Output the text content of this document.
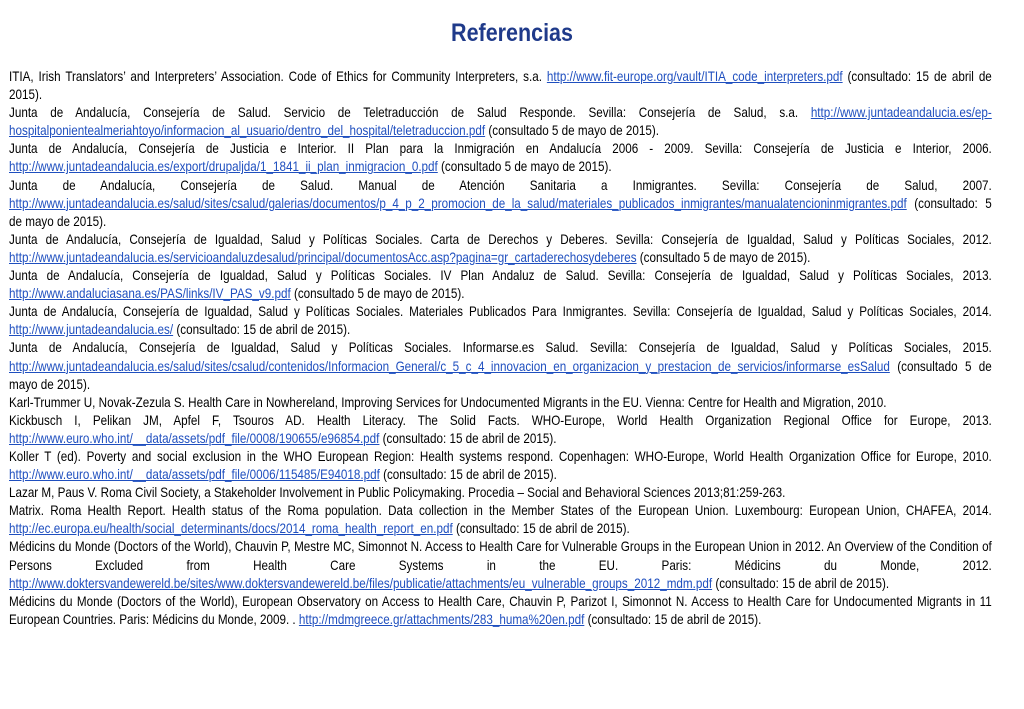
Referencias

ITIA, Irish Translators’ and Interpreters’ Association. Code of Ethics for Community Interpreters, s.a. http://www.fit-europe.org/vault/ITIA_code_interpreters.pdf (consultado: 15 de abril de 2015).

Junta de Andalucía, Consejería de Salud. Servicio de Teletraducción de Salud Responde. Sevilla: Consejería de Salud, s.a. http://www.juntadeandalucia.es/ep-hospitalponientealmeriahtoyo/informacion_al_usuario/dentro_del_hospital/teletraduccion.pdf (consultado 5 de mayo de 2015).

Junta de Andalucía, Consejería de Justicia e Interior. II Plan para la Inmigración en Andalucía 2006 - 2009. Sevilla: Consejería de Justicia e Interior, 2006. http://www.juntadeandalucia.es/export/drupaljda/1_1841_ii_plan_inmigracion_0.pdf (consultado 5 de mayo de 2015).

Junta de Andalucía, Consejería de Salud. Manual de Atención Sanitaria a Inmigrantes. Sevilla: Consejería de Salud, 2007. http://www.juntadeandalucia.es/salud/sites/csalud/galerias/documentos/p_4_p_2_promocion_de_la_salud/materiales_publicados_inmigrantes/manualatencioninmigrantes.pdf (consultado: 5 de mayo de 2015).

Junta de Andalucía, Consejería de Igualdad, Salud y Políticas Sociales. Carta de Derechos y Deberes. Sevilla: Consejería de Igualdad, Salud y Políticas Sociales, 2012. http://www.juntadeandalucia.es/servicioandaluzdesalud/principal/documentosAcc.asp?pagina=gr_cartaderechosydeberes (consultado 5 de mayo de 2015).

Junta de Andalucía, Consejería de Igualdad, Salud y Políticas Sociales. IV Plan Andaluz de Salud. Sevilla: Consejería de Igualdad, Salud y Políticas Sociales, 2013. http://www.andaluciasana.es/PAS/links/IV_PAS_v9.pdf (consultado 5 de mayo de 2015).

Junta de Andalucía, Consejería de Igualdad, Salud y Políticas Sociales. Materiales Publicados Para Inmigrantes. Sevilla: Consejería de Igualdad, Salud y Políticas Sociales, 2014. http://www.juntadeandalucia.es/ (consultado: 15 de abril de 2015).

Junta de Andalucía, Consejería de Igualdad, Salud y Políticas Sociales. Informarse.es Salud. Sevilla: Consejería de Igualdad, Salud y Políticas Sociales, 2015. http://www.juntadeandalucia.es/salud/sites/csalud/contenidos/Informacion_General/c_5_c_4_innovacion_en_organizacion_y_prestacion_de_servicios/informarse_esSalud (consultado 5 de mayo de 2015).

Karl-Trummer U, Novak-Zezula S. Health Care in Nowhereland, Improving Services for Undocumented Migrants in the EU. Vienna: Centre for Health and Migration, 2010.

Kickbusch I, Pelikan JM, Apfel F, Tsouros AD. Health Literacy. The Solid Facts. WHO-Europe, World Health Organization Regional Office for Europe, 2013. http://www.euro.who.int/__data/assets/pdf_file/0008/190655/e96854.pdf (consultado: 15 de abril de 2015).

Koller T (ed). Poverty and social exclusion in the WHO European Region: Health systems respond. Copenhagen: WHO-Europe, World Health Organization Office for Europe, 2010. http://www.euro.who.int/__data/assets/pdf_file/0006/115485/E94018.pdf (consultado: 15 de abril de 2015).

Lazar M, Paus V. Roma Civil Society, a Stakeholder Involvement in Public Policymaking. Procedia – Social and Behavioral Sciences 2013;81:259-263.

Matrix. Roma Health Report. Health status of the Roma population. Data collection in the Member States of the European Union. Luxembourg: European Union, CHAFEA, 2014. http://ec.europa.eu/health/social_determinants/docs/2014_roma_health_report_en.pdf (consultado: 15 de abril de 2015).

Médicins du Monde (Doctors of the World), Chauvin P, Mestre MC, Simonnot N. Access to Health Care for Vulnerable Groups in the European Union in 2012. An Overview of the Condition of Persons Excluded from Health Care Systems in the EU. Paris: Médicins du Monde, 2012. http://www.doktersvandewereld.be/sites/www.doktersvandewereld.be/files/publicatie/attachments/eu_vulnerable_groups_2012_mdm.pdf (consultado: 15 de abril de 2015).

Médicins du Monde (Doctors of the World), European Observatory on Access to Health Care, Chauvin P, Parizot I, Simonnot N. Access to Health Care for Undocumented Migrants in 11 European Countries. Paris: Médicins du Monde, 2009. . http://mdmgreece.gr/attachments/283_huma%20en.pdf (consultado: 15 de abril de 2015).
